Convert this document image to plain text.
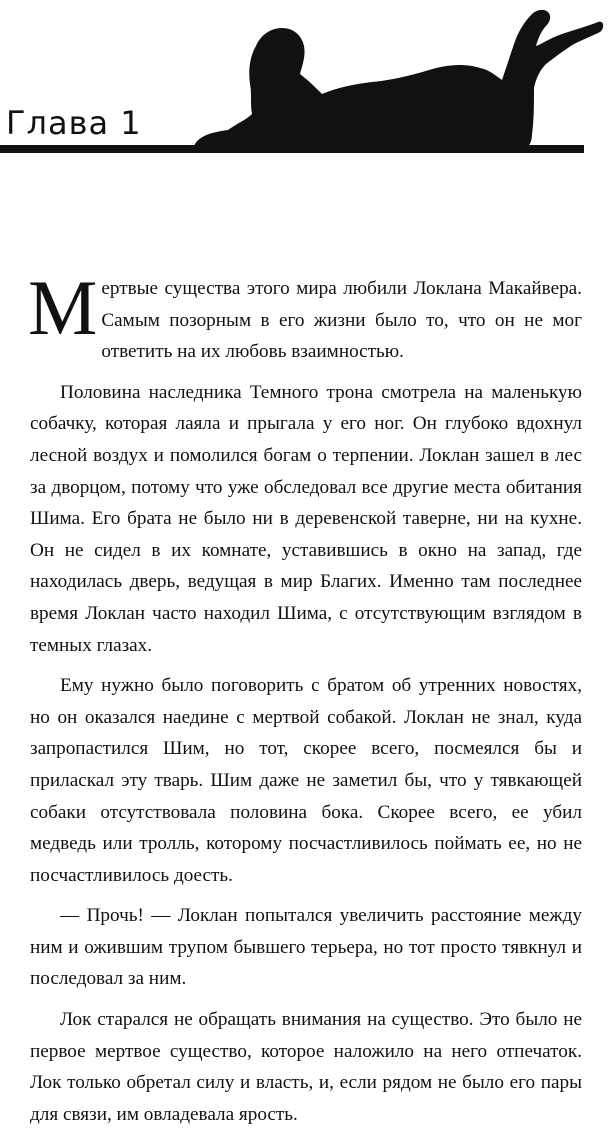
Глава 1

Мертвые существа этого мира любили Локлана Макайвера. Самым позорным в его жизни было то, что он не мог ответить на их любовь взаимностью.

Половина наследника Темного трона смотрела на маленькую собачку, которая лаяла и прыгала у его ног. Он глубоко вдохнул лесной воздух и помолился богам о терпении. Локлан зашел в лес за дворцом, потому что уже обследовал все другие места обитания Шима. Его брата не было ни в деревенской таверне, ни на кухне. Он не сидел в их комнате, уставившись в окно на запад, где находилась дверь, ведущая в мир Благих. Именно там последнее время Локлан часто находил Шима, с отсутствующим взглядом в темных глазах.

Ему нужно было поговорить с братом об утренних новостях, но он оказался наедине с мертвой собакой. Локлан не знал, куда запропастился Шим, но тот, скорее всего, посмеялся бы и приласкал эту тварь. Шим даже не заметил бы, что у тявкающей собаки отсутствовала половина бока. Скорее всего, ее убил медведь или тролль, которому посчастливилось поймать ее, но не посчастливилось доесть.

— Прочь! — Локлан попытался увеличить расстояние между ним и ожившим трупом бывшего терьера, но тот просто тявкнул и последовал за ним.

Лок старался не обращать внимания на существо. Это было не первое мертвое существо, которое наложило на него отпечаток. Лок только обретал силу и власть, и, если рядом не было его пары для связи, им овладевала ярость.
